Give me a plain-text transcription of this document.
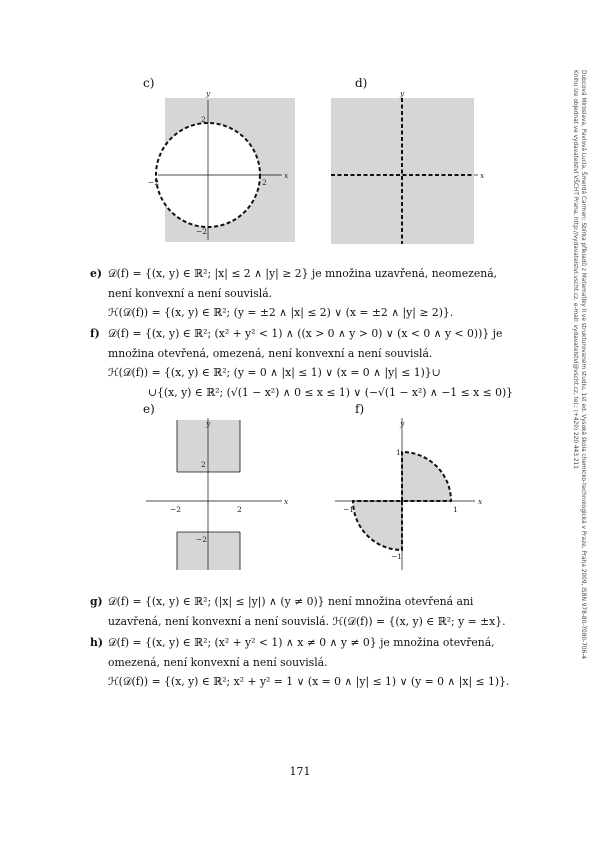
c)	d)
e)	f)
x
y
2
−2
−2	2
x
y
e) 𝒟(f) = {(x, y) ∈ ℝ²; |x| ≤ 2 ∧ |y| ≥ 2} je množina uzavřená, neomezená,
není konvexní a není souvislá.
ℋ(𝒟(f)) = {(x, y) ∈ ℝ²; (y = ±2 ∧ |x| ≤ 2) ∨ (x = ±2 ∧ |y| ≥ 2)}.
f) 𝒟(f) = {(x, y) ∈ ℝ²; (x² + y² < 1) ∧ ((x > 0 ∧ y > 0) ∨ (x < 0 ∧ y < 0))} je
množina otevřená, omezená, není konvexní a není souvislá.
ℋ(𝒟(f)) = {(x, y) ∈ ℝ²; (y = 0 ∧ |x| ≤ 1) ∨ (x = 0 ∧ |y| ≤ 1)}∪
∪{(x, y) ∈ ℝ²; (√(1 − x²) ∧ 0 ≤ x ≤ 1) ∨ (−√(1 − x²) ∧ −1 ≤ x ≤ 0)}
x
y
2
−2
−2	2
x
y
1
−1
−1	1
g) 𝒟(f) = {(x, y) ∈ ℝ²; (|x| ≤ |y|) ∧ (y ≠ 0)} není množina otevřená ani
uzavřená, není konvexní a není souvislá. ℋ(𝒟(f)) = {(x, y) ∈ ℝ²; y = ±x}.
h) 𝒟(f) = {(x, y) ∈ ℝ²; (x² + y² < 1) ∧ x ≠ 0 ∧ y ≠ 0} je množina otevřená,
omezená, není konvexní a není souvislá.
ℋ(𝒟(f)) = {(x, y) ∈ ℝ²; x² + y² = 1 ∨ (x = 0 ∧ |y| ≤ 1) ∨ (y = 0 ∧ |x| ≤ 1)}.
171
Dubcová Miroslava, Pavlová Lucia, Šmerdá Carmen: Sbírka příkladů z Matematiky II ve strukturovaném studiu, 1st ed. Vysoká škola chemicko-technologická v Praze, Praha 2009, ISBN 978-80-7080-706-4
Knihu lze objednat ve vydavatelství VŠCHT Praha, http://vydavatelstvi.vscht.cz, e-mail: vydavatelstvi@vscht.cz, tel.: (+420) 220 443 211
